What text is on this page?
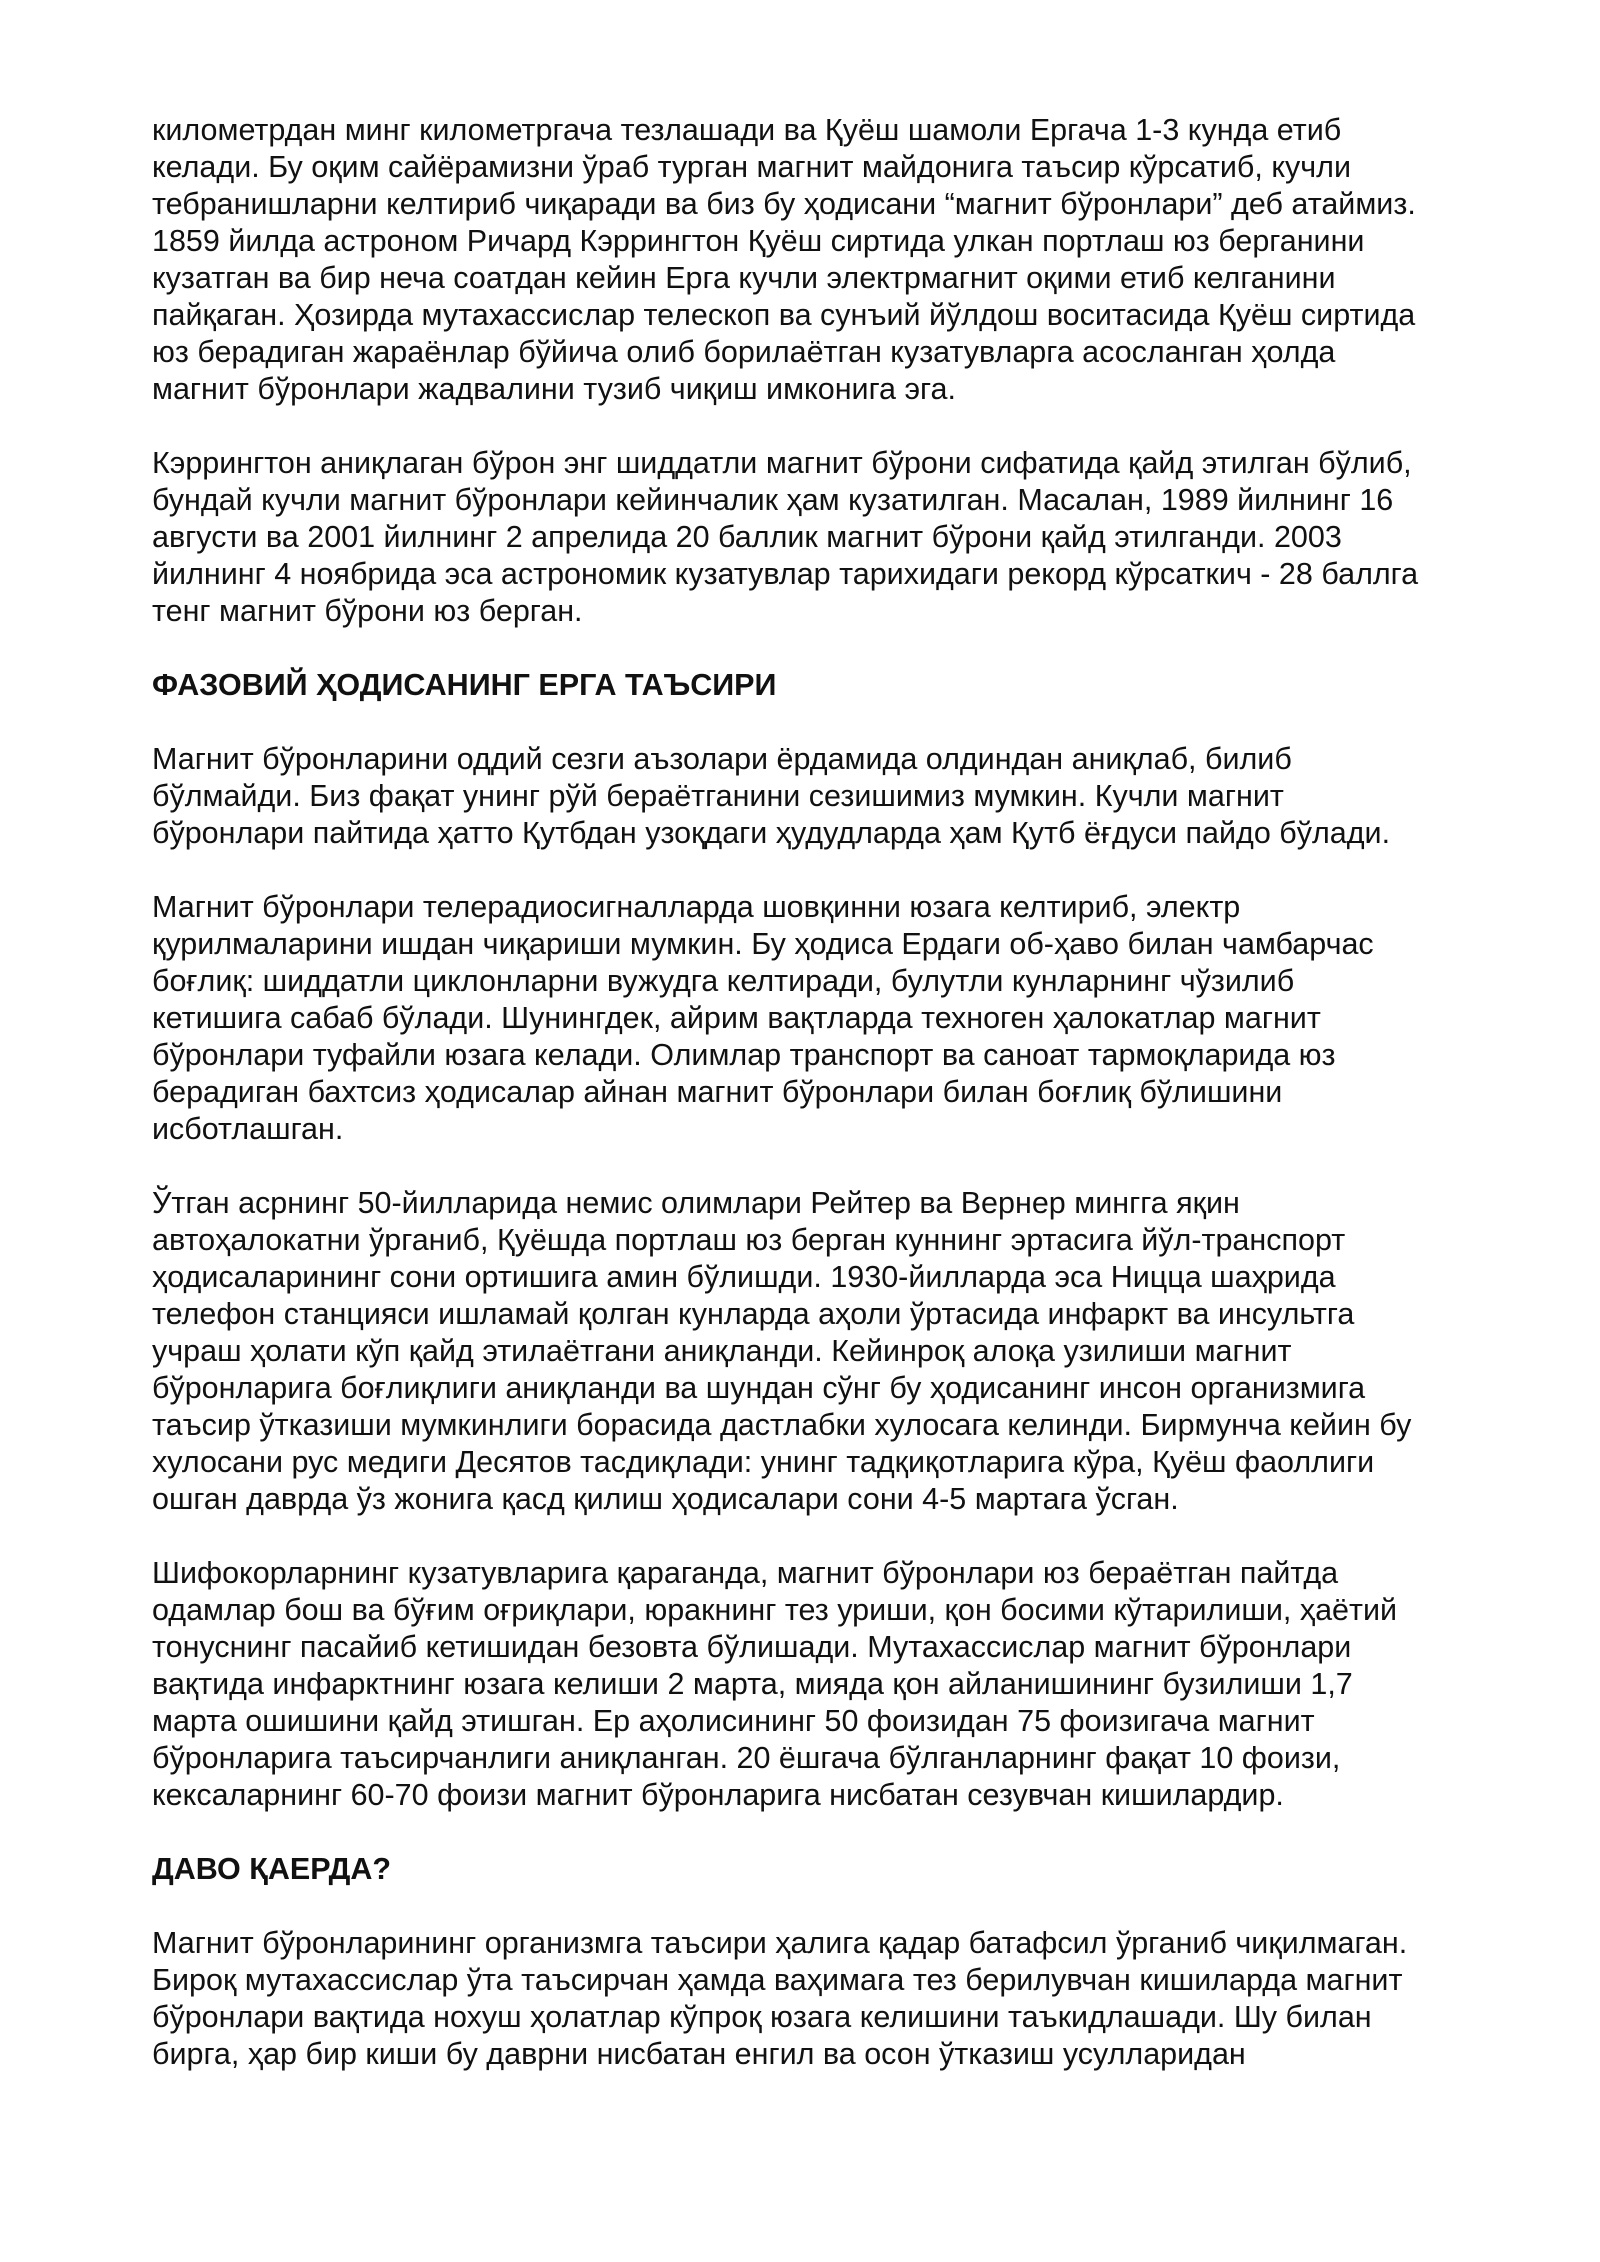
километрдан минг километргача тезлашади ва Қуёш шамоли Ергача 1-3 кунда етиб
келади. Бу оқим сайёрамизни ўраб турган магнит майдонига таъсир кўрсатиб, кучли
тебранишларни келтириб чиқаради ва биз бу ҳодисани “магнит бўронлари” деб атаймиз.
1859 йилда астроном Ричард Кэррингтон Қуёш сиртида улкан портлаш юз берганини
кузатган ва бир неча соатдан кейин Ерга кучли электрмагнит оқими етиб келганини
пайқаган. Ҳозирда мутахассислар телескоп ва сунъий йўлдош воситасида Қуёш сиртида
юз берадиган жараёнлар бўйича олиб борилаётган кузатувларга асосланган ҳолда
магнит бўронлари жадвалини тузиб чиқиш имконига эга.

Кэррингтон аниқлаган бўрон энг шиддатли магнит бўрони сифатида қайд этилган бўлиб,
бундай кучли магнит бўронлари кейинчалик ҳам кузатилган. Масалан, 1989 йилнинг 16
августи ва 2001 йилнинг 2 апрелида 20 баллик магнит бўрони қайд этилганди. 2003
йилнинг 4 ноябрида эса астрономик кузатувлар тарихидаги рекорд кўрсаткич - 28 баллга
тенг магнит бўрони юз берган.

ФАЗОВИЙ ҲОДИСАНИНГ ЕРГА ТАЪСИРИ

Магнит бўронларини оддий сезги аъзолари ёрдамида олдиндан аниқлаб, билиб
бўлмайди. Биз фақат унинг рўй бераётганини сезишимиз мумкин. Кучли магнит
бўронлари пайтида ҳатто Қутбдан узоқдаги ҳудудларда ҳам Қутб ёғдуси пайдо бўлади.

Магнит бўронлари телерадиосигналларда шовқинни юзага келтириб, электр
қурилмаларини ишдан чиқариши мумкин. Бу ҳодиса Ердаги об-ҳаво билан чамбарчас
боғлиқ: шиддатли циклонларни вужудга келтиради, булутли кунларнинг чўзилиб
кетишига сабаб бўлади. Шунингдек, айрим вақтларда техноген ҳалокатлар магнит
бўронлари туфайли юзага келади. Олимлар транспорт ва саноат тармоқларида юз
берадиган бахтсиз ҳодисалар айнан магнит бўронлари билан боғлиқ бўлишини
исботлашган.

Ўтган асрнинг 50-йилларида немис олимлари Рейтер ва Вернер мингга яқин
автоҳалокатни ўрганиб, Қуёшда портлаш юз берган куннинг эртасига йўл-транспорт
ҳодисаларининг сони ортишига амин бўлишди. 1930-йилларда эса Ницца шаҳрида
телефон станцияси ишламай қолган кунларда аҳоли ўртасида инфаркт ва инсультга
учраш ҳолати кўп қайд этилаётгани аниқланди. Кейинроқ алоқа узилиши магнит
бўронларига боғлиқлиги аниқланди ва шундан сўнг бу ҳодисанинг инсон организмига
таъсир ўтказиши мумкинлиги борасида дастлабки хулосага келинди. Бирмунча кейин бу
хулосани рус медиги Десятов тасдиқлади: унинг тадқиқотларига кўра, Қуёш фаоллиги
ошган даврда ўз жонига қасд қилиш ҳодисалари сони 4-5 мартага ўсган.

Шифокорларнинг кузатувларига қараганда, магнит бўронлари юз бераётган пайтда
одамлар бош ва бўғим оғриқлари, юракнинг тез уриши, қон босими кўтарилиши, ҳаётий
тонуснинг пасайиб кетишидан безовта бўлишади. Мутахассислар магнит бўронлари
вақтида инфарктнинг юзага келиши 2 марта, мияда қон айланишининг бузилиши 1,7
марта ошишини қайд этишган. Ер аҳолисининг 50 фоизидан 75 фоизигача магнит
бўронларига таъсирчанлиги аниқланган. 20 ёшгача бўлганларнинг фақат 10 фоизи,
кексаларнинг 60-70 фоизи магнит бўронларига нисбатан сезувчан кишилардир.

ДАВО ҚАЕРДА?

Магнит бўронларининг организмга таъсири ҳалига қадар батафсил ўрганиб чиқилмаган.
Бироқ мутахассислар ўта таъсирчан ҳамда ваҳимага тез берилувчан кишиларда магнит
бўронлари вақтида нохуш ҳолатлар кўпроқ юзага келишини таъкидлашади. Шу билан
бирга, ҳар бир киши бу даврни нисбатан енгил ва осон ўтказиш усулларидан
